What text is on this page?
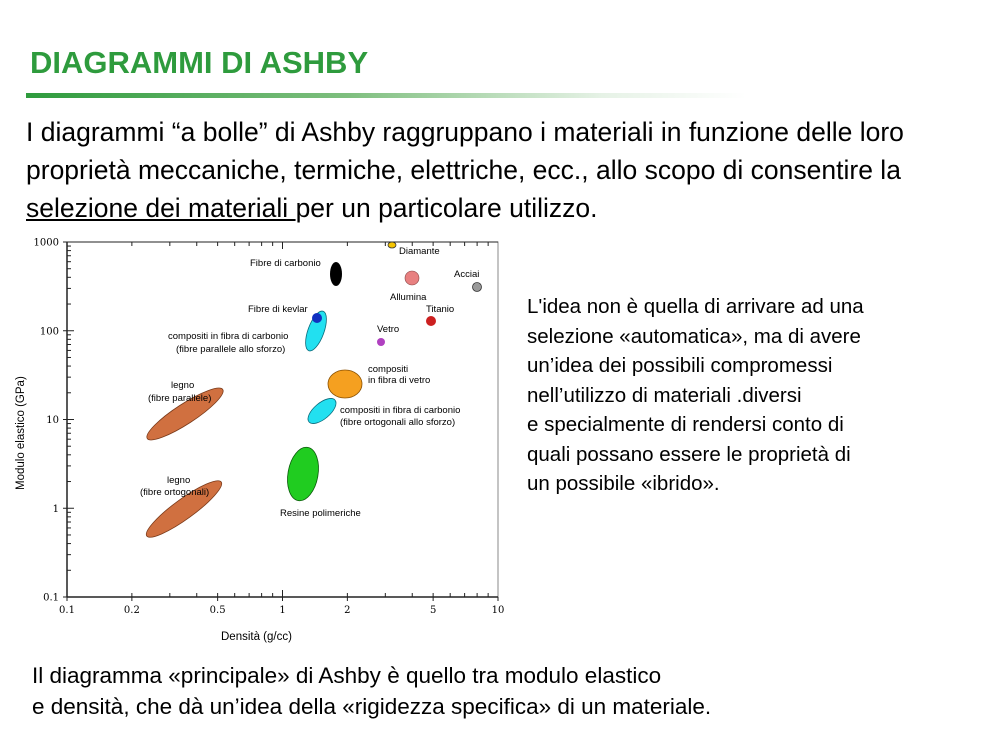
DIAGRAMMI DI ASHBY
I diagrammi “a bolle” di Ashby raggruppano i materiali in funzione delle loro proprietà meccaniche, termiche, elettriche, ecc., allo scopo di consentire la selezione dei materiali per un particolare utilizzo.
0.1	0.2	0.5	1	2	5	10
0.1
1
10
100
1000
Diamante
Acciai
Allumina
Titanio
Vetro
Fibre di carbonio
Fibre di kevlar
compositi in fibra di carbonio
(fibre parallele allo sforzo)
compositi
in fibra di vetro
compositi in fibra di carbonio
(fibre ortogonali allo sforzo)
legno
(fibre parallele)
legno
(fibre ortogonali)
Resine polimeriche
Densità (g/cc)
Modulo elastico (GPa)
L'idea non è quella di arrivare ad una
selezione «automatica», ma di avere
un’idea dei possibili compromessi
nell’utilizzo di materiali .diversi
e specialmente di rendersi conto di
quali possano essere le proprietà di
un possibile «ibrido».
Il diagramma «principale» di Ashby è quello tra modulo elastico
e densità, che dà un’idea della «rigidezza specifica» di un materiale.
